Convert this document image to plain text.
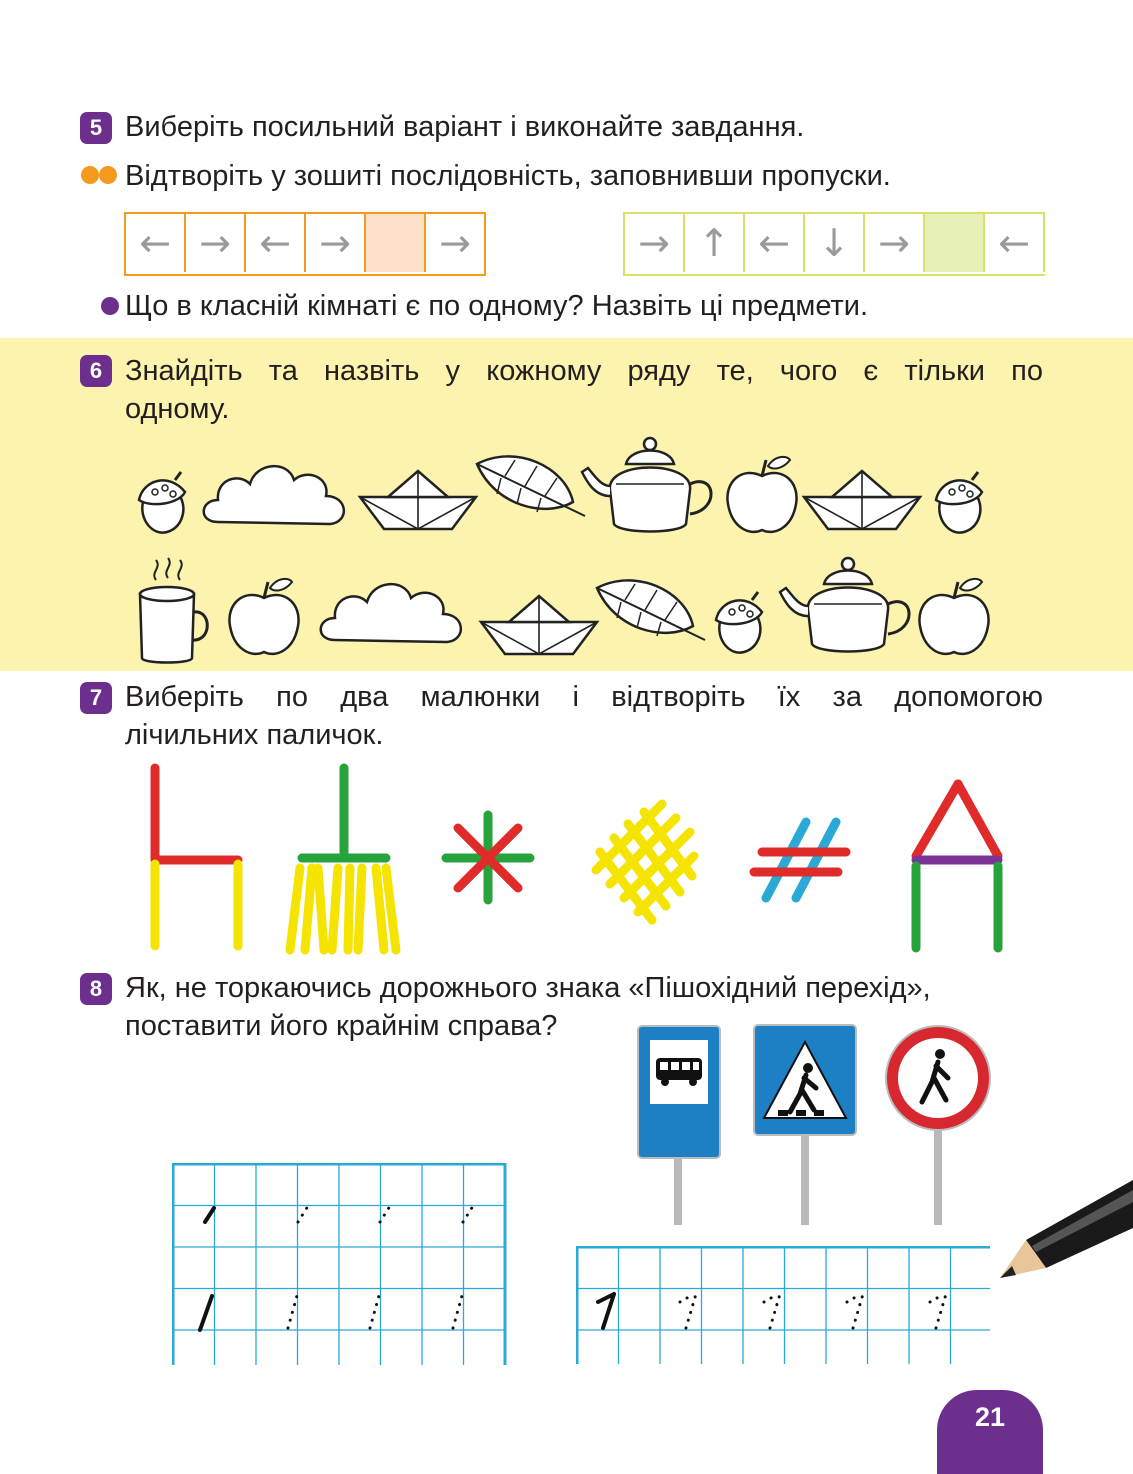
5 Виберіть посильний варіант і виконайте завдання.
Відтворіть у зошиті послідовність, заповнивши пропуски.
← → ← →	→	→ ↑ ← ↓ →	←
Що в класній кімнаті є по одному? Назвіть ці предмети.
6 Знайдіть та назвіть у кожному ряду те, чого є тільки по
одному.
7 Виберіть по два малюнки і відтворіть їх за допомогою
лічильних паличок.
8 Як, не торкаючись дорожнього знака «Пішохідний перехід»,
поставити його крайнім справа?
21
